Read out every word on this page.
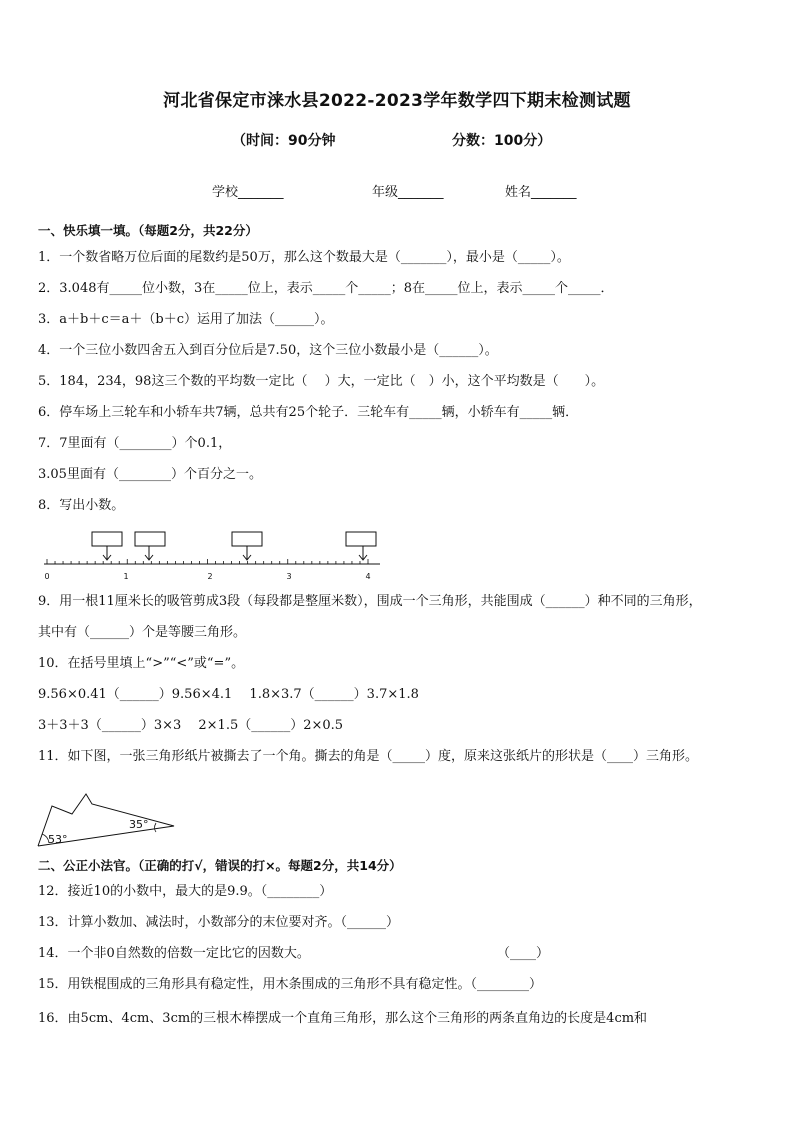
河北省保定市涞水县2022-2023学年数学四下期末检测试题
（时间：90分钟	分数：100分）
学校_______	年级_______	姓名_______
一、快乐填一填。（每题2分，共22分）
1．一个数省略万位后面的尾数约是50万，那么这个数最大是（_______），最小是（_____）。
2．3.048有_____位小数，3在_____位上，表示_____个_____；8在_____位上，表示_____个_____．
3．a＋b＋c＝a＋（b＋c）运用了加法（______）。
4．一个三位小数四舍五入到百分位后是7.50，这个三位小数最小是（______）。
5．184，234，98这三个数的平均数一定比（　 ）大，一定比（　）小，这个平均数是（　　）。
6．停车场上三轮车和小轿车共7辆，总共有25个轮子．三轮车有_____辆，小轿车有_____辆．
7．7里面有（________）个0.1，
3.05里面有（________）个百分之一。
8．写出小数。
0	1	2	3	4
9．用一根11厘米长的吸管剪成3段（每段都是整厘米数），围成一个三角形，共能围成（______）种不同的三角形，
其中有（______）个是等腰三角形。
10．在括号里填上“>”“<”或“=”。
9.56×0.41（______）9.56×4.1　 1.8×3.7（______）3.7×1.8
3＋3＋3（______）3×3　 2×1.5（______）2×0.5
11．如下图，一张三角形纸片被撕去了一个角。撕去的角是（_____）度，原来这张纸片的形状是（____）三角形。
53°
35°
二、公正小法官。（正确的打√，错误的打×。每题2分，共14分）
12．接近10的小数中，最大的是9.9。（________）
13．计算小数加、减法时，小数部分的末位要对齐。（______）
14．一个非0自然数的倍数一定比它的因数大。	（____）
15．用铁棍围成的三角形具有稳定性，用木条围成的三角形不具有稳定性。（________）
16．由5cm、4cm、3cm的三根木棒摆成一个直角三角形，那么这个三角形的两条直角边的长度是4cm和
